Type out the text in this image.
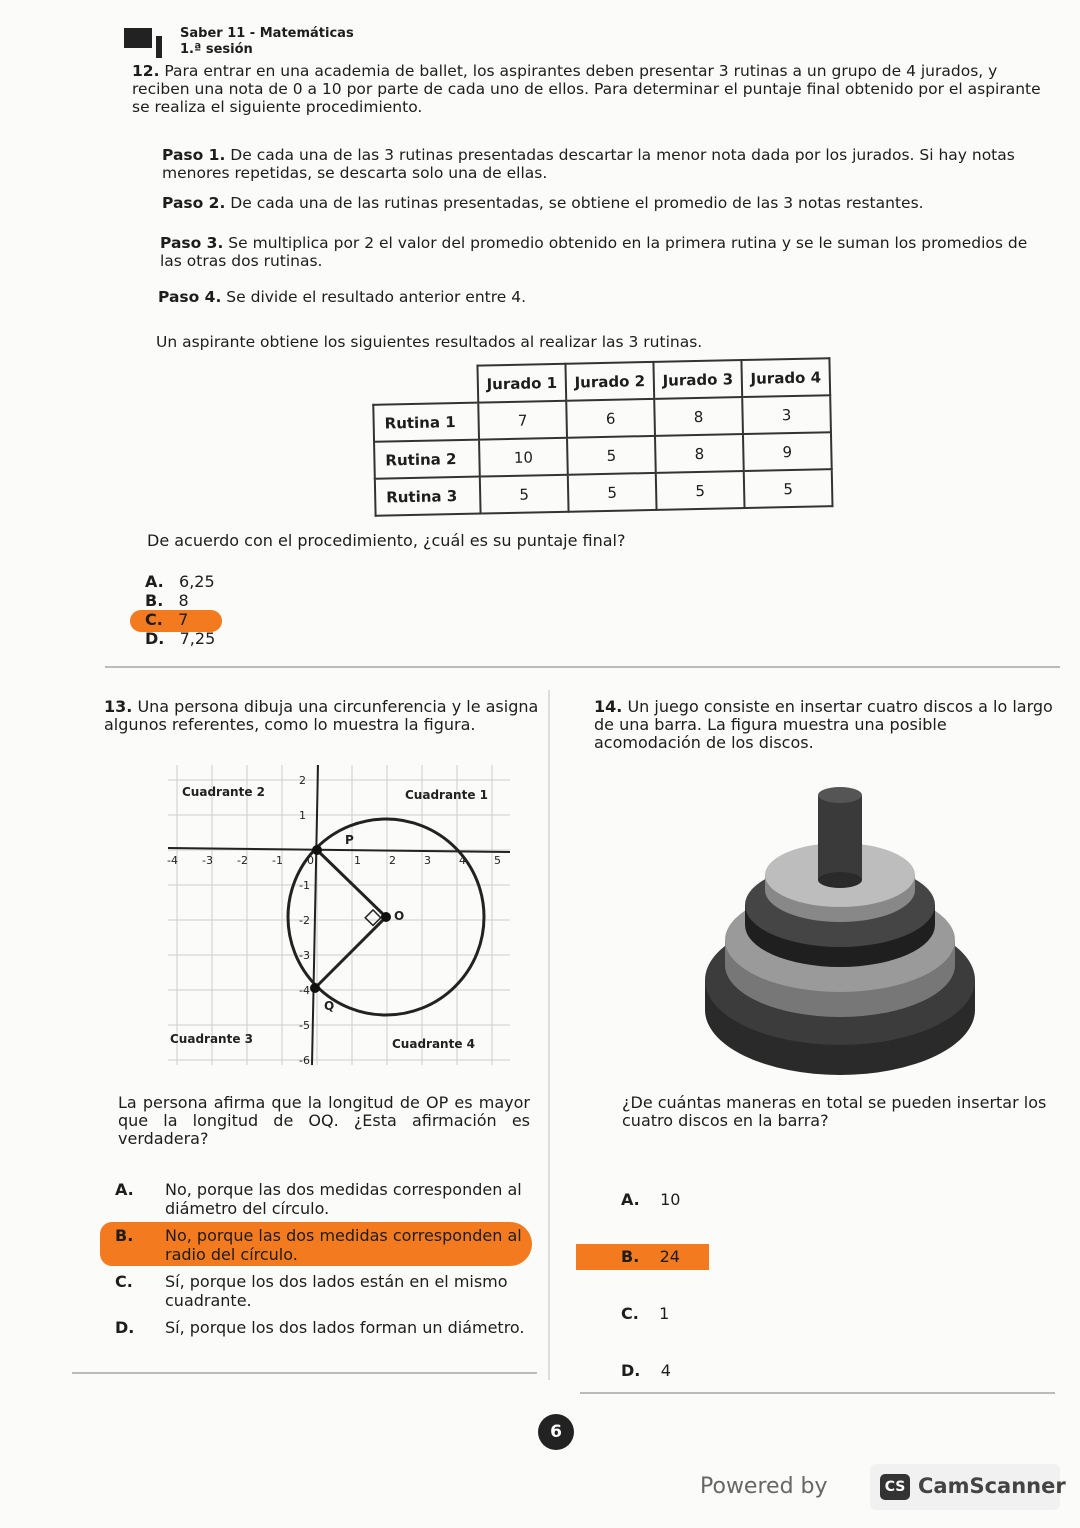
Saber 11 - Matemáticas
1.ª sesión
12. Para entrar en una academia de ballet, los aspirantes deben presentar 3 rutinas a un grupo de 4 jurados, y reciben una nota de 0 a 10 por parte de cada uno de ellos. Para determinar el puntaje final obtenido por el aspirante se realiza el siguiente procedimiento.
Paso 1. De cada una de las 3 rutinas presentadas descartar la menor nota dada por los jurados. Si hay notas menores repetidas, se descarta solo una de ellas.
Paso 2. De cada una de las rutinas presentadas, se obtiene el promedio de las 3 notas restantes.
Paso 3. Se multiplica por 2 el valor del promedio obtenido en la primera rutina y se le suman los promedios de las otras dos rutinas.
Paso 4. Se divide el resultado anterior entre 4.
Un aspirante obtiene los siguientes resultados al realizar las 3 rutinas.
	Jurado 1	Jurado 2	Jurado 3	Jurado 4
Rutina 1	7	6	8	3
Rutina 2	10	5	8	9
Rutina 3	5	5	5	5
De acuerdo con el procedimiento, ¿cuál es su puntaje final?
A. 6,25
B. 8
C. 7
D. 7,25
13. Una persona dibuja una circunferencia y le asigna algunos referentes, como lo muestra la figura.
Cuadrante 2	Cuadrante 1
Cuadrante 3	Cuadrante 4
P
O
Q
-4 -3 -2 -1 0	1	2	3	4	5
2
1
-1
-2
-3
-4
-5
-6
La persona afirma que la longitud de OP es mayor que la longitud de OQ. ¿Esta afirmación es verdadera?
A.	No, porque las dos medidas corresponden al diámetro del círculo.
B.	No, porque las dos medidas corresponden al radio del círculo.
C.	Sí, porque los dos lados están en el mismo cuadrante.
D.	Sí, porque los dos lados forman un diámetro.
14. Un juego consiste en insertar cuatro discos a lo largo de una barra. La figura muestra una posible acomodación de los discos.
¿De cuántas maneras en total se pueden insertar los cuatro discos en la barra?
A. 10
B. 24
C. 1
D. 4
6
Powered by	CS CamScanner
